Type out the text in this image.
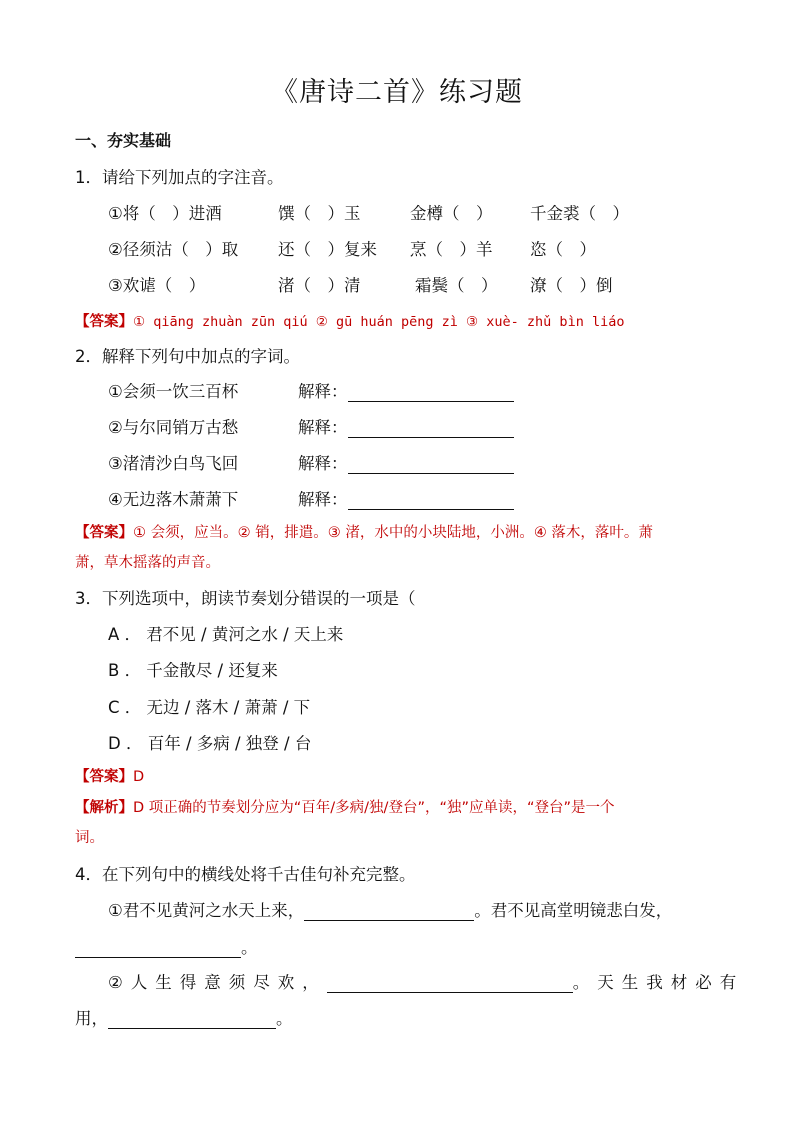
《唐诗二首》练习题
一、夯实基础
1．请给下列加点的字注音。
①将（　）进酒	馔（　）玉	金樽（　） 千金裘（　）
②径须沽（　）取 还（　）复来 烹（　）羊 恣（　）
③欢谑（　）	渚（　）清	霜鬓（　） 潦（　）倒
【答案】① qiāng zhuàn zūn qiú ② gū huán pēng zì ③ xuè- zhǔ bìn liáo
2．解释下列句中加点的字词。
①会须一饮三百杯	解释：
②与尔同销万古愁	解释：
③渚清沙白鸟飞回	解释：
④无边落木萧萧下	解释：
【答案】① 会须，应当。② 销，排遣。③ 渚，水中的小块陆地，小洲。④ 落木，落叶。萧
萧，草木摇落的声音。
3．下列选项中，朗读节奏划分错误的一项是（
A ． 君不见 / 黄河之水 / 天上来
B ． 千金散尽 / 还复来
C ． 无边 / 落木 / 萧萧 / 下
D ． 百年 / 多病 / 独登 / 台
【答案】D
【解析】D 项正确的节奏划分应为“百年/多病/独/登台”，“独”应单读，“登台”是一个
词。
4．在下列句中的横线处将千古佳句补充完整。
①君不见黄河之水天上来，	。君不见高堂明镜悲白发，
。
②人生得意须尽欢，	。天生我材必有
用，	。
